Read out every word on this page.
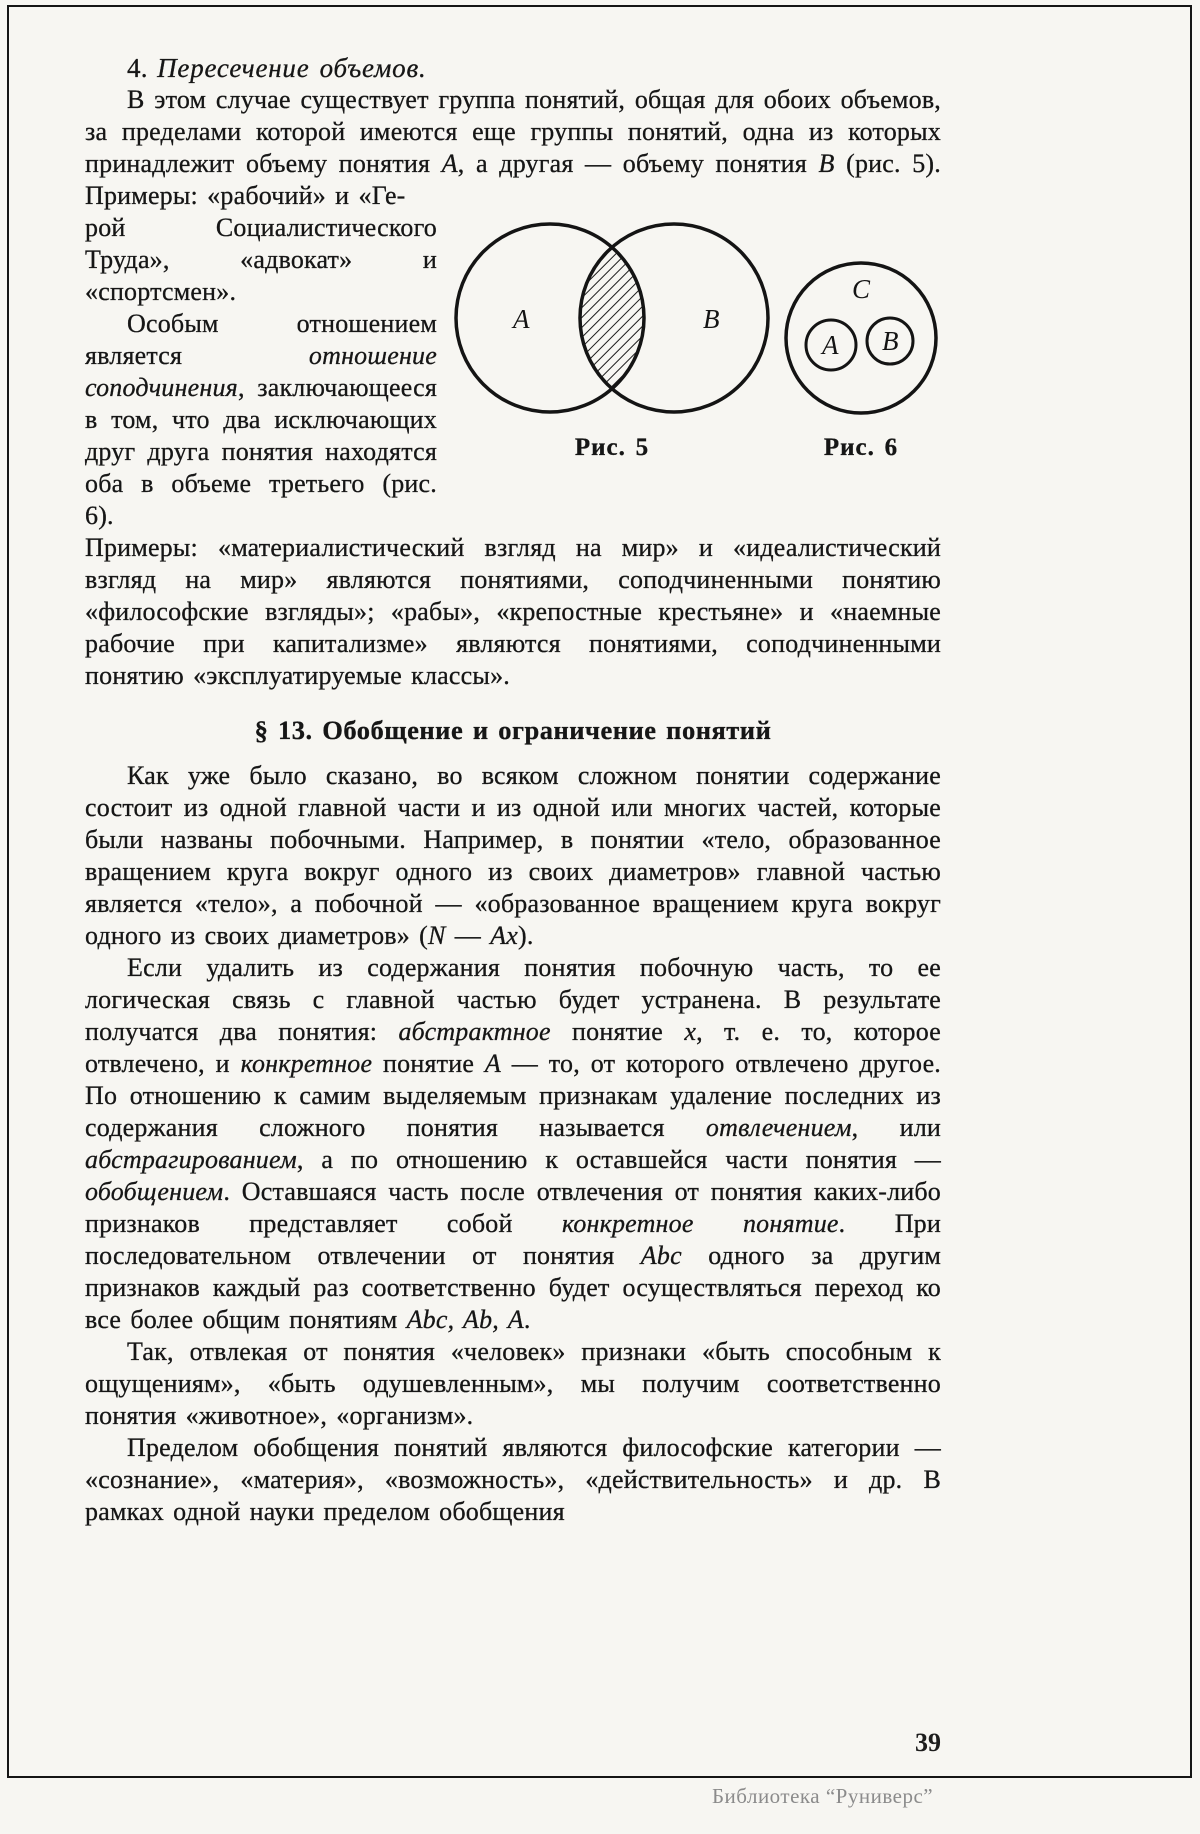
4. Пересечение объемов.

В этом случае существует группа понятий, общая для обоих объемов, за пределами которой имеются еще группы понятий, одна из которых принадлежит объему понятия А, а другая — объему понятия В (рис. 5). Примеры: «рабочий» и «Ге-

рой Социалистического Труда», «адвокат» и «спортсмен».

Особым отношением является отношение соподчинения, заключающееся в том, что два исключающих друг друга понятия находятся оба в объеме третьего (рис. 6).

А	В
Рис. 5
С
А В
Рис. 6

Примеры: «материалистический взгляд на мир» и «идеалистический взгляд на мир» являются понятиями, соподчиненными понятию «философские взгляды»; «рабы», «крепостные крестьяне» и «наемные рабочие при капитализме» являются понятиями, соподчиненными понятию «эксплуатируемые классы».

§ 13. Обобщение и ограничение понятий

Как уже было сказано, во всяком сложном понятии содержание состоит из одной главной части и из одной или многих частей, которые были названы побочными. Например, в понятии «тело, образованное вращением круга вокруг одного из своих диаметров» главной частью является «тело», а побочной — «образованное вращением круга вокруг одного из своих диаметров» (N — Ax).

Если удалить из содержания понятия побочную часть, то ее логическая связь с главной частью будет устранена. В результате получатся два понятия: абстрактное понятие x, т. е. то, которое отвлечено, и конкретное понятие А — то, от которого отвлечено другое. По отношению к самим выделяемым признакам удаление последних из содержания сложного понятия называется отвлечением, или абстрагированием, а по отношению к оставшейся части понятия — обобщением. Оставшаяся часть после отвлечения от понятия каких-либо признаков представляет собой конкретное понятие. При последовательном отвлечении от понятия Abc одного за другим признаков каждый раз соответственно будет осуществляться переход ко все более общим понятиям Abc, Ab, A.

Так, отвлекая от понятия «человек» признаки «быть способным к ощущениям», «быть одушевленным», мы получим соответственно понятия «животное», «организм».

Пределом обобщения понятий являются философские категории — «сознание», «материя», «возможность», «действительность» и др. В рамках одной науки пределом обобщения

39
Библиотека “Руниверс”
